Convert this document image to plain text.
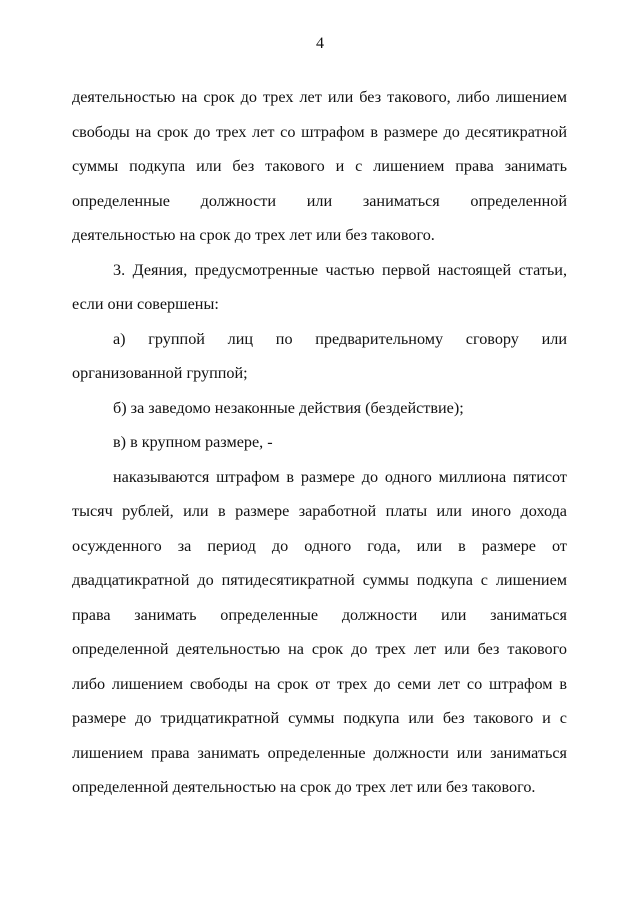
4

деятельностью на срок до трех лет или без такового, либо лишением свободы на срок до трех лет со штрафом в размере до десятикратной суммы подкупа или без такового и с лишением права занимать определенные должности или заниматься определенной деятельностью на срок до трех лет или без такового.

3. Деяния, предусмотренные частью первой настоящей статьи, если они совершены:

а) группой лиц по предварительному сговору или организованной группой;

б) за заведомо незаконные действия (бездействие);

в) в крупном размере, -

наказываются штрафом в размере до одного миллиона пятисот тысяч рублей, или в размере заработной платы или иного дохода осужденного за период до одного года, или в размере от двадцатикратной до пятидесятикратной суммы подкупа с лишением права занимать определенные должности или заниматься определенной деятельностью на срок до трех лет или без такового либо лишением свободы на срок от трех до семи лет со штрафом в размере до тридцатикратной суммы подкупа или без такового и с лишением права занимать определенные должности или заниматься определенной деятельностью на срок до трех лет или без такового.
